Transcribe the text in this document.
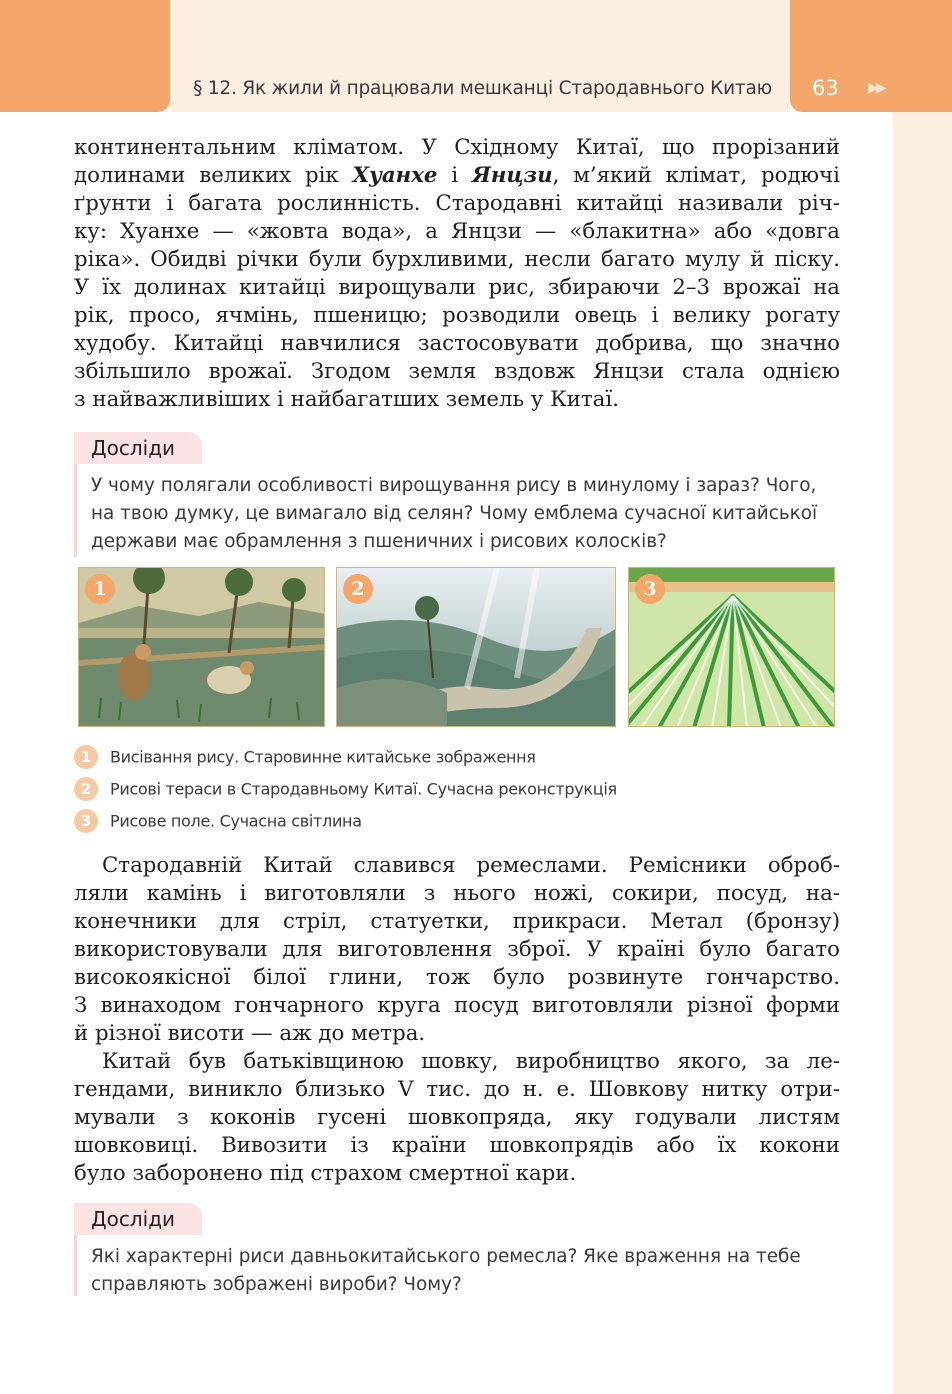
§ 12. Як жили й працювали мешканці Стародавнього Китаю 63 ▶▶
континентальним кліматом. У Східному Китаї, що прорізаний
долинами великих рік Хуанхе і Янцзи, м’який клімат, родючі
ґрунти і багата рослинність. Стародавні китайці називали річ-
ку: Хуанхе — «жовта вода», а Янцзи — «блакитна» або «довга
ріка». Обидві річки були бурхливими, несли багато мулу й піску.
У їх долинах китайці вирощували рис, збираючи 2–3 врожаї на
рік, просо, ячмінь, пшеницю; розводили овець і велику рогату
худобу. Китайці навчилися застосовувати добрива, що значно
збільшило врожаї. Згодом земля вздовж Янцзи стала однією
з найважливіших і найбагатших земель у Китаї.
Дослiди
У чому полягали особливості вирощування рису в минулому і зараз? Чого,
на твою думку, це вимагало від селян? Чому емблема сучасної китайської
держави має обрамлення з пшеничних і рисових колосків?
1	2	3
1 Висівання рису. Старовинне китайське зображення
2 Рисові тераси в Стародавньому Китаї. Сучасна реконструкція
3 Рисове поле. Сучасна світлина
Стародавній Китай славився ремеслами. Ремісники оброб-
ляли камінь і виготовляли з нього ножі, сокири, посуд, на-
конечники для стріл, статуетки, прикраси. Метал (бронзу)
використовували для виготовлення зброї. У країні було багато
високоякісної білої глини, тож було розвинуте гончарство.
З винаходом гончарного круга посуд виготовляли різної форми
й різної висоти — аж до метра.
Китай був батьківщиною шовку, виробництво якого, за ле-
гендами, виникло близько V тис. до н. е. Шовкову нитку отри-
мували з коконів гусені шовкопряда, яку годували листям
шовковиці. Вивозити із країни шовкопрядів або їх кокони
було заборонено під страхом смертної кари.
Дослiди
Які характерні риси давньокитайського ремесла? Яке враження на тебе
справляють зображені вироби? Чому?
